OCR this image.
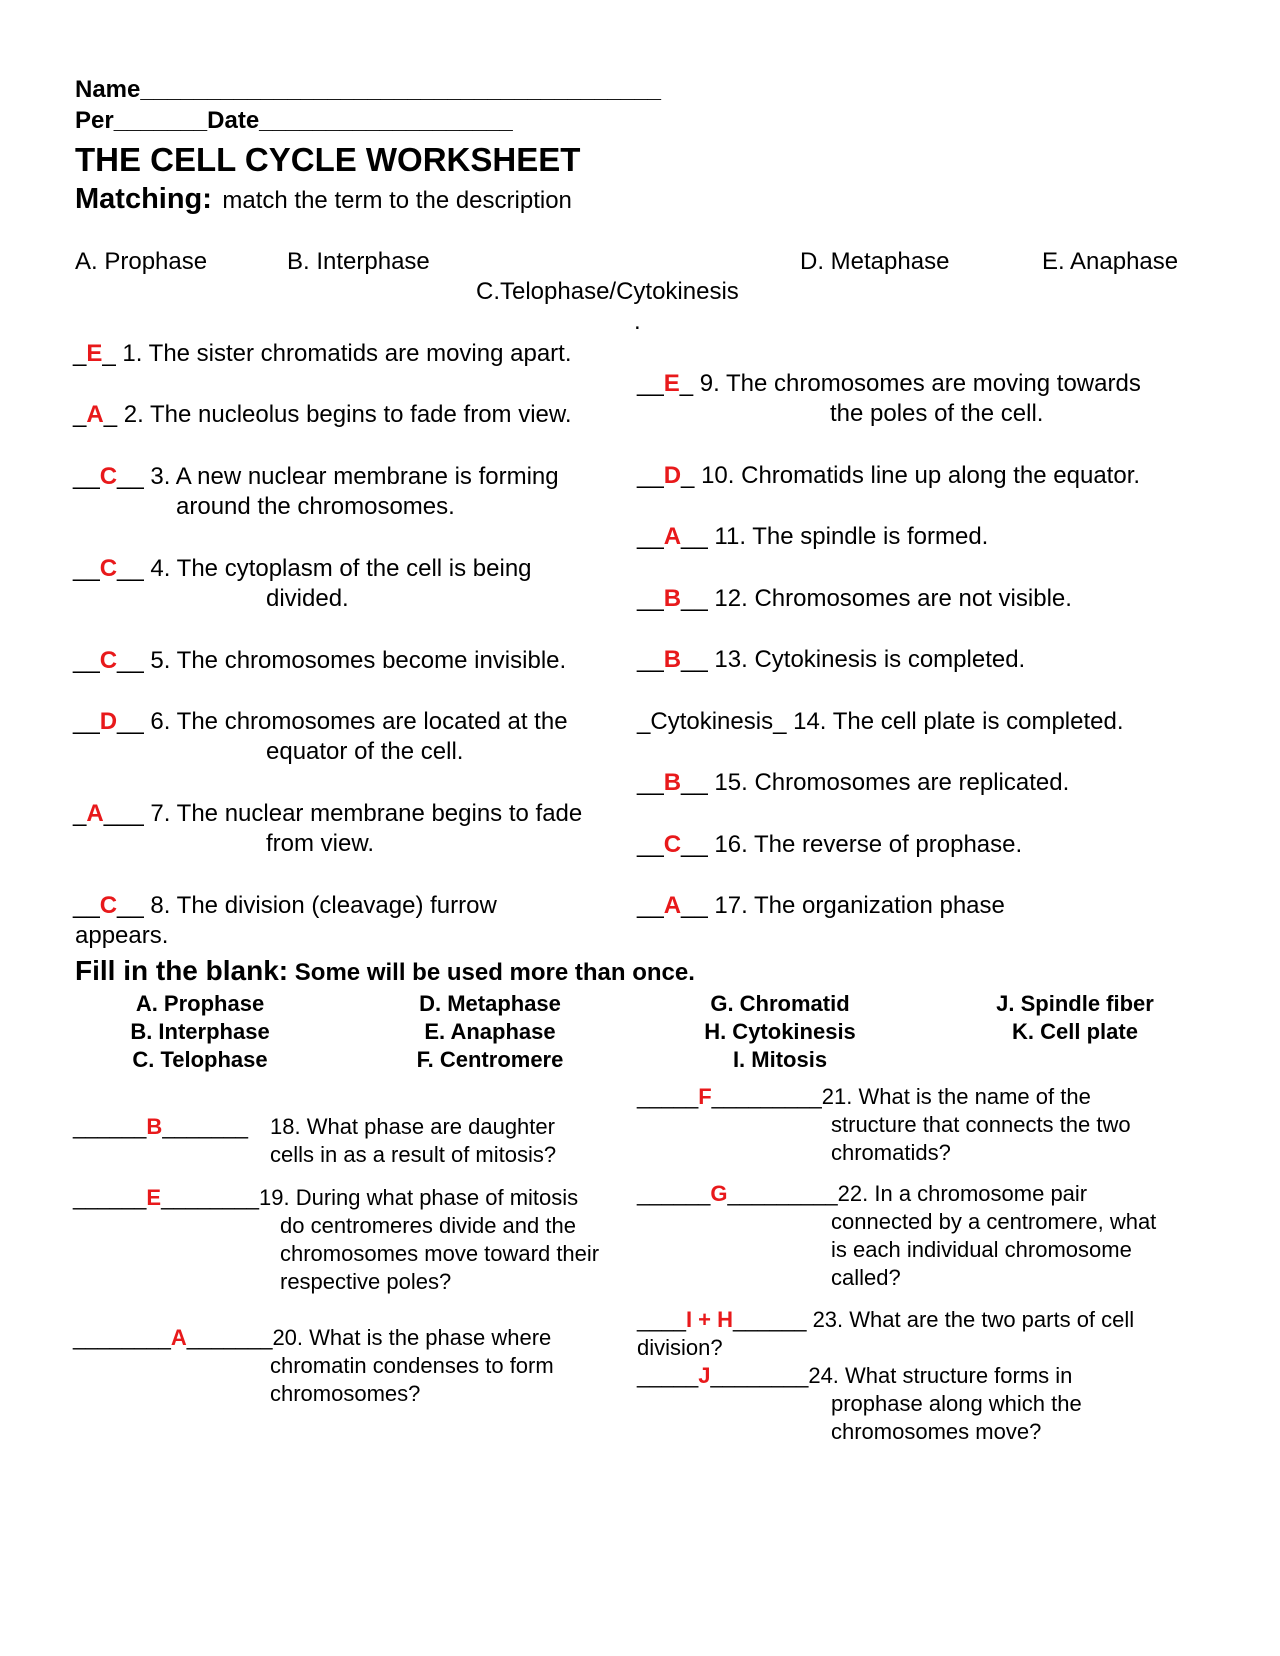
Name_______________________________________
Per_______Date___________________
THE CELL CYCLE WORKSHEET
Matching: match the term to the description
A. Prophase	B. Interphase	D. Metaphase	E. Anaphase
C.Telophase/Cytokinesis
.
_E_ 1. The sister chromatids are moving apart.
_A_ 2. The nucleolus begins to fade from view.
__C__ 3. A new nuclear membrane is forming
around the chromosomes.
__C__ 4. The cytoplasm of the cell is being
divided.
__C__ 5. The chromosomes become invisible.
__D__ 6. The chromosomes are located at the
equator of the cell.
_A___ 7. The nuclear membrane begins to fade
from view.
__C__ 8. The division (cleavage) furrow
appears.
__E_ 9. The chromosomes are moving towards
the poles of the cell.
__D_ 10. Chromatids line up along the equator.
__A__ 11. The spindle is formed.
__B__ 12. Chromosomes are not visible.
__B__ 13. Cytokinesis is completed.
_Cytokinesis_ 14. The cell plate is completed.
__B__ 15. Chromosomes are replicated.
__C__ 16. The reverse of prophase.
__A__ 17. The organization phase
Fill in the blank: Some will be used more than once.
A. Prophase
B. Interphase
C. Telophase
D. Metaphase
E. Anaphase
F. Centromere
G. Chromatid
H. Cytokinesis
I. Mitosis
J. Spindle fiber
K. Cell plate
______B_______ 18. What phase are daughter
cells in as a result of mitosis?
______E________19. During what phase of mitosis
do centromeres divide and the
chromosomes move toward their
respective poles?
________A_______20. What is the phase where
chromatin condenses to form
chromosomes?
_____F_________21. What is the name of the
structure that connects the two
chromatids?
______G_________22. In a chromosome pair
connected by a centromere, what
is each individual chromosome
called?
____I + H______ 23. What are the two parts of cell
division?
_____J________24. What structure forms in
prophase along which the
chromosomes move?
